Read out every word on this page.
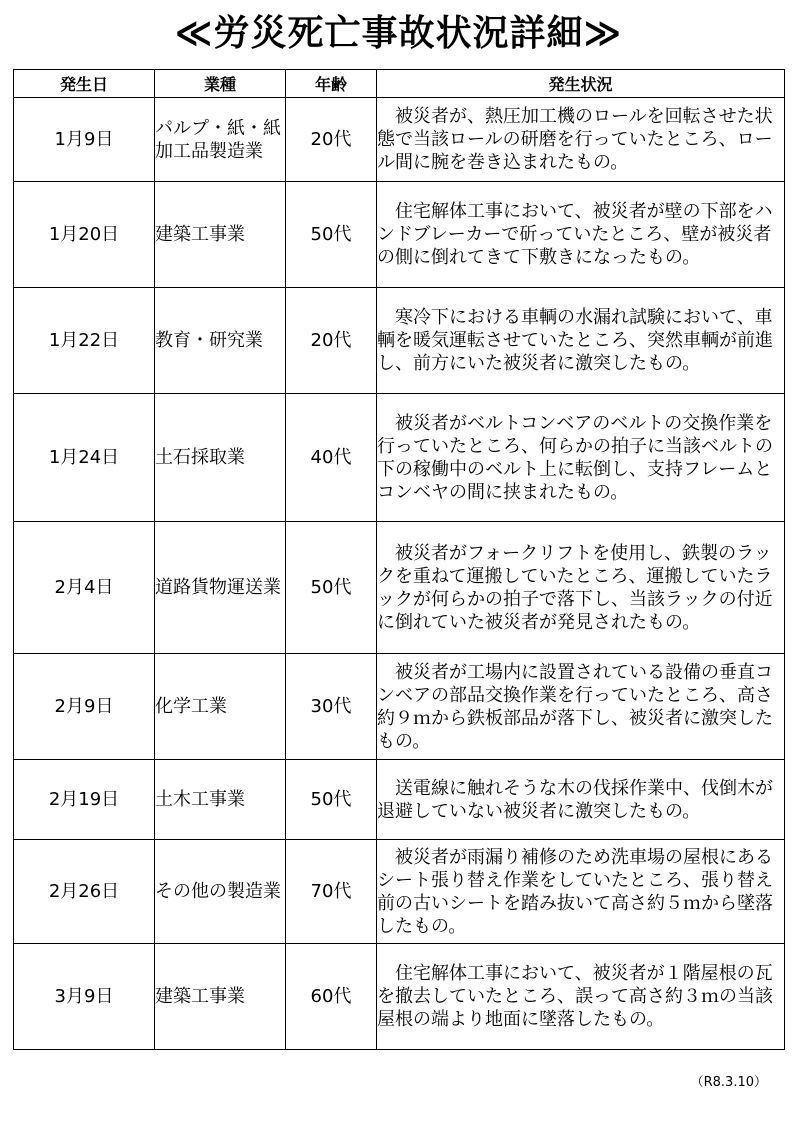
≪労災死亡事故状況詳細≫
発生日	業種	年齢	発生状況
1月9日	パルプ・紙・紙加工品製造業	20代	被災者が、熱圧加工機のロールを回転させた状態で当該ロールの研磨を行っていたところ、ロール間に腕を巻き込まれたもの。
1月20日	建築工事業	50代	住宅解体工事において、被災者が壁の下部をハンドブレーカーで斫っていたところ、壁が被災者の側に倒れてきて下敷きになったもの。
1月22日	教育・研究業	20代	寒冷下における車輌の水漏れ試験において、車輌を暖気運転させていたところ、突然車輌が前進し、前方にいた被災者に激突したもの。
1月24日	土石採取業	40代	被災者がベルトコンベアのベルトの交換作業を行っていたところ、何らかの拍子に当該ベルトの下の稼働中のベルト上に転倒し、支持フレームとコンベヤの間に挟まれたもの。
2月4日	道路貨物運送業	50代	被災者がフォークリフトを使用し、鉄製のラックを重ねて運搬していたところ、運搬していたラックが何らかの拍子で落下し、当該ラックの付近に倒れていた被災者が発見されたもの。
2月9日	化学工業	30代	被災者が工場内に設置されている設備の垂直コンベアの部品交換作業を行っていたところ、高さ約９ｍから鉄板部品が落下し、被災者に激突したもの。
2月19日	土木工事業	50代	送電線に触れそうな木の伐採作業中、伐倒木が退避していない被災者に激突したもの。
2月26日	その他の製造業	70代	被災者が雨漏り補修のため洗車場の屋根にあるシート張り替え作業をしていたところ、張り替え前の古いシートを踏み抜いて高さ約５ｍから墜落したもの。
3月9日	建築工事業	60代	住宅解体工事において、被災者が１階屋根の瓦を撤去していたところ、誤って高さ約３ｍの当該屋根の端より地面に墜落したもの。
（R8.3.10）
